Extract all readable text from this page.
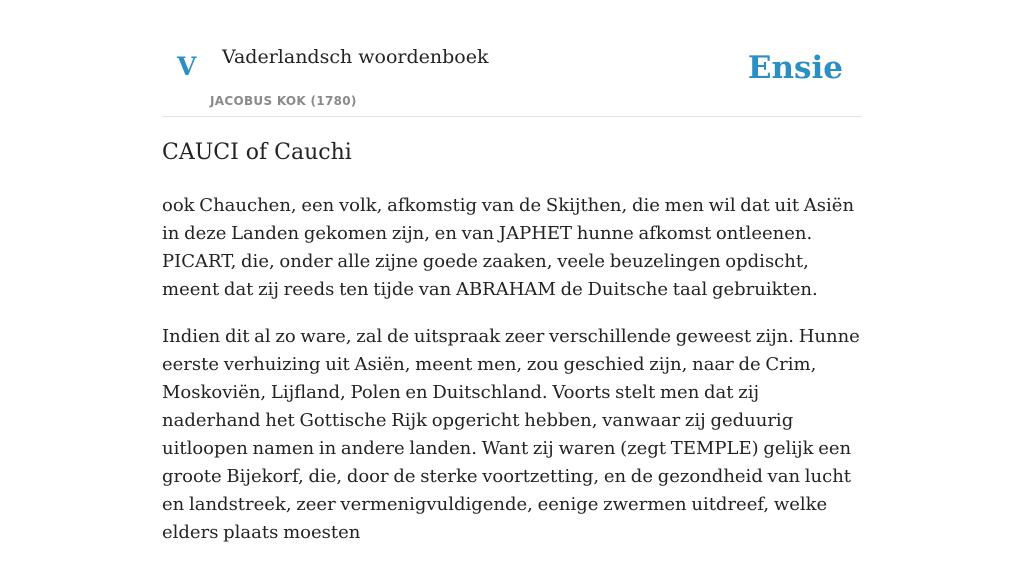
V Vaderlandsch woordenboek
JACOBUS KOK (1780)
Ensie
CAUCI of Cauchi

ook Chauchen, een volk, afkomstig van de Skijthen, die men wil dat uit Asiën in deze Landen gekomen zijn, en van JAPHET hunne afkomst ontleenen. PICART, die, onder alle zijne goede zaaken, veele beuzelingen opdischt, meent dat zij reeds ten tijde van ABRAHAM de Duitsche taal gebruikten.

Indien dit al zo ware, zal de uitspraak zeer verschillende geweest zijn. Hunne eerste verhuizing uit Asiën, meent men, zou geschied zijn, naar de Crim, Moskoviën, Lijfland, Polen en Duitschland. Voorts stelt men dat zij naderhand het Gottische Rijk opgericht hebben, vanwaar zij geduurig uitloopen namen in andere landen. Want zij waren (zegt TEMPLE) gelijk een groote Bijekorf, die, door de sterke voortzetting, en de gezondheid van lucht en landstreek, zeer vermenigvuldigende, eenige zwermen uitdreef, welke elders plaats moesten
